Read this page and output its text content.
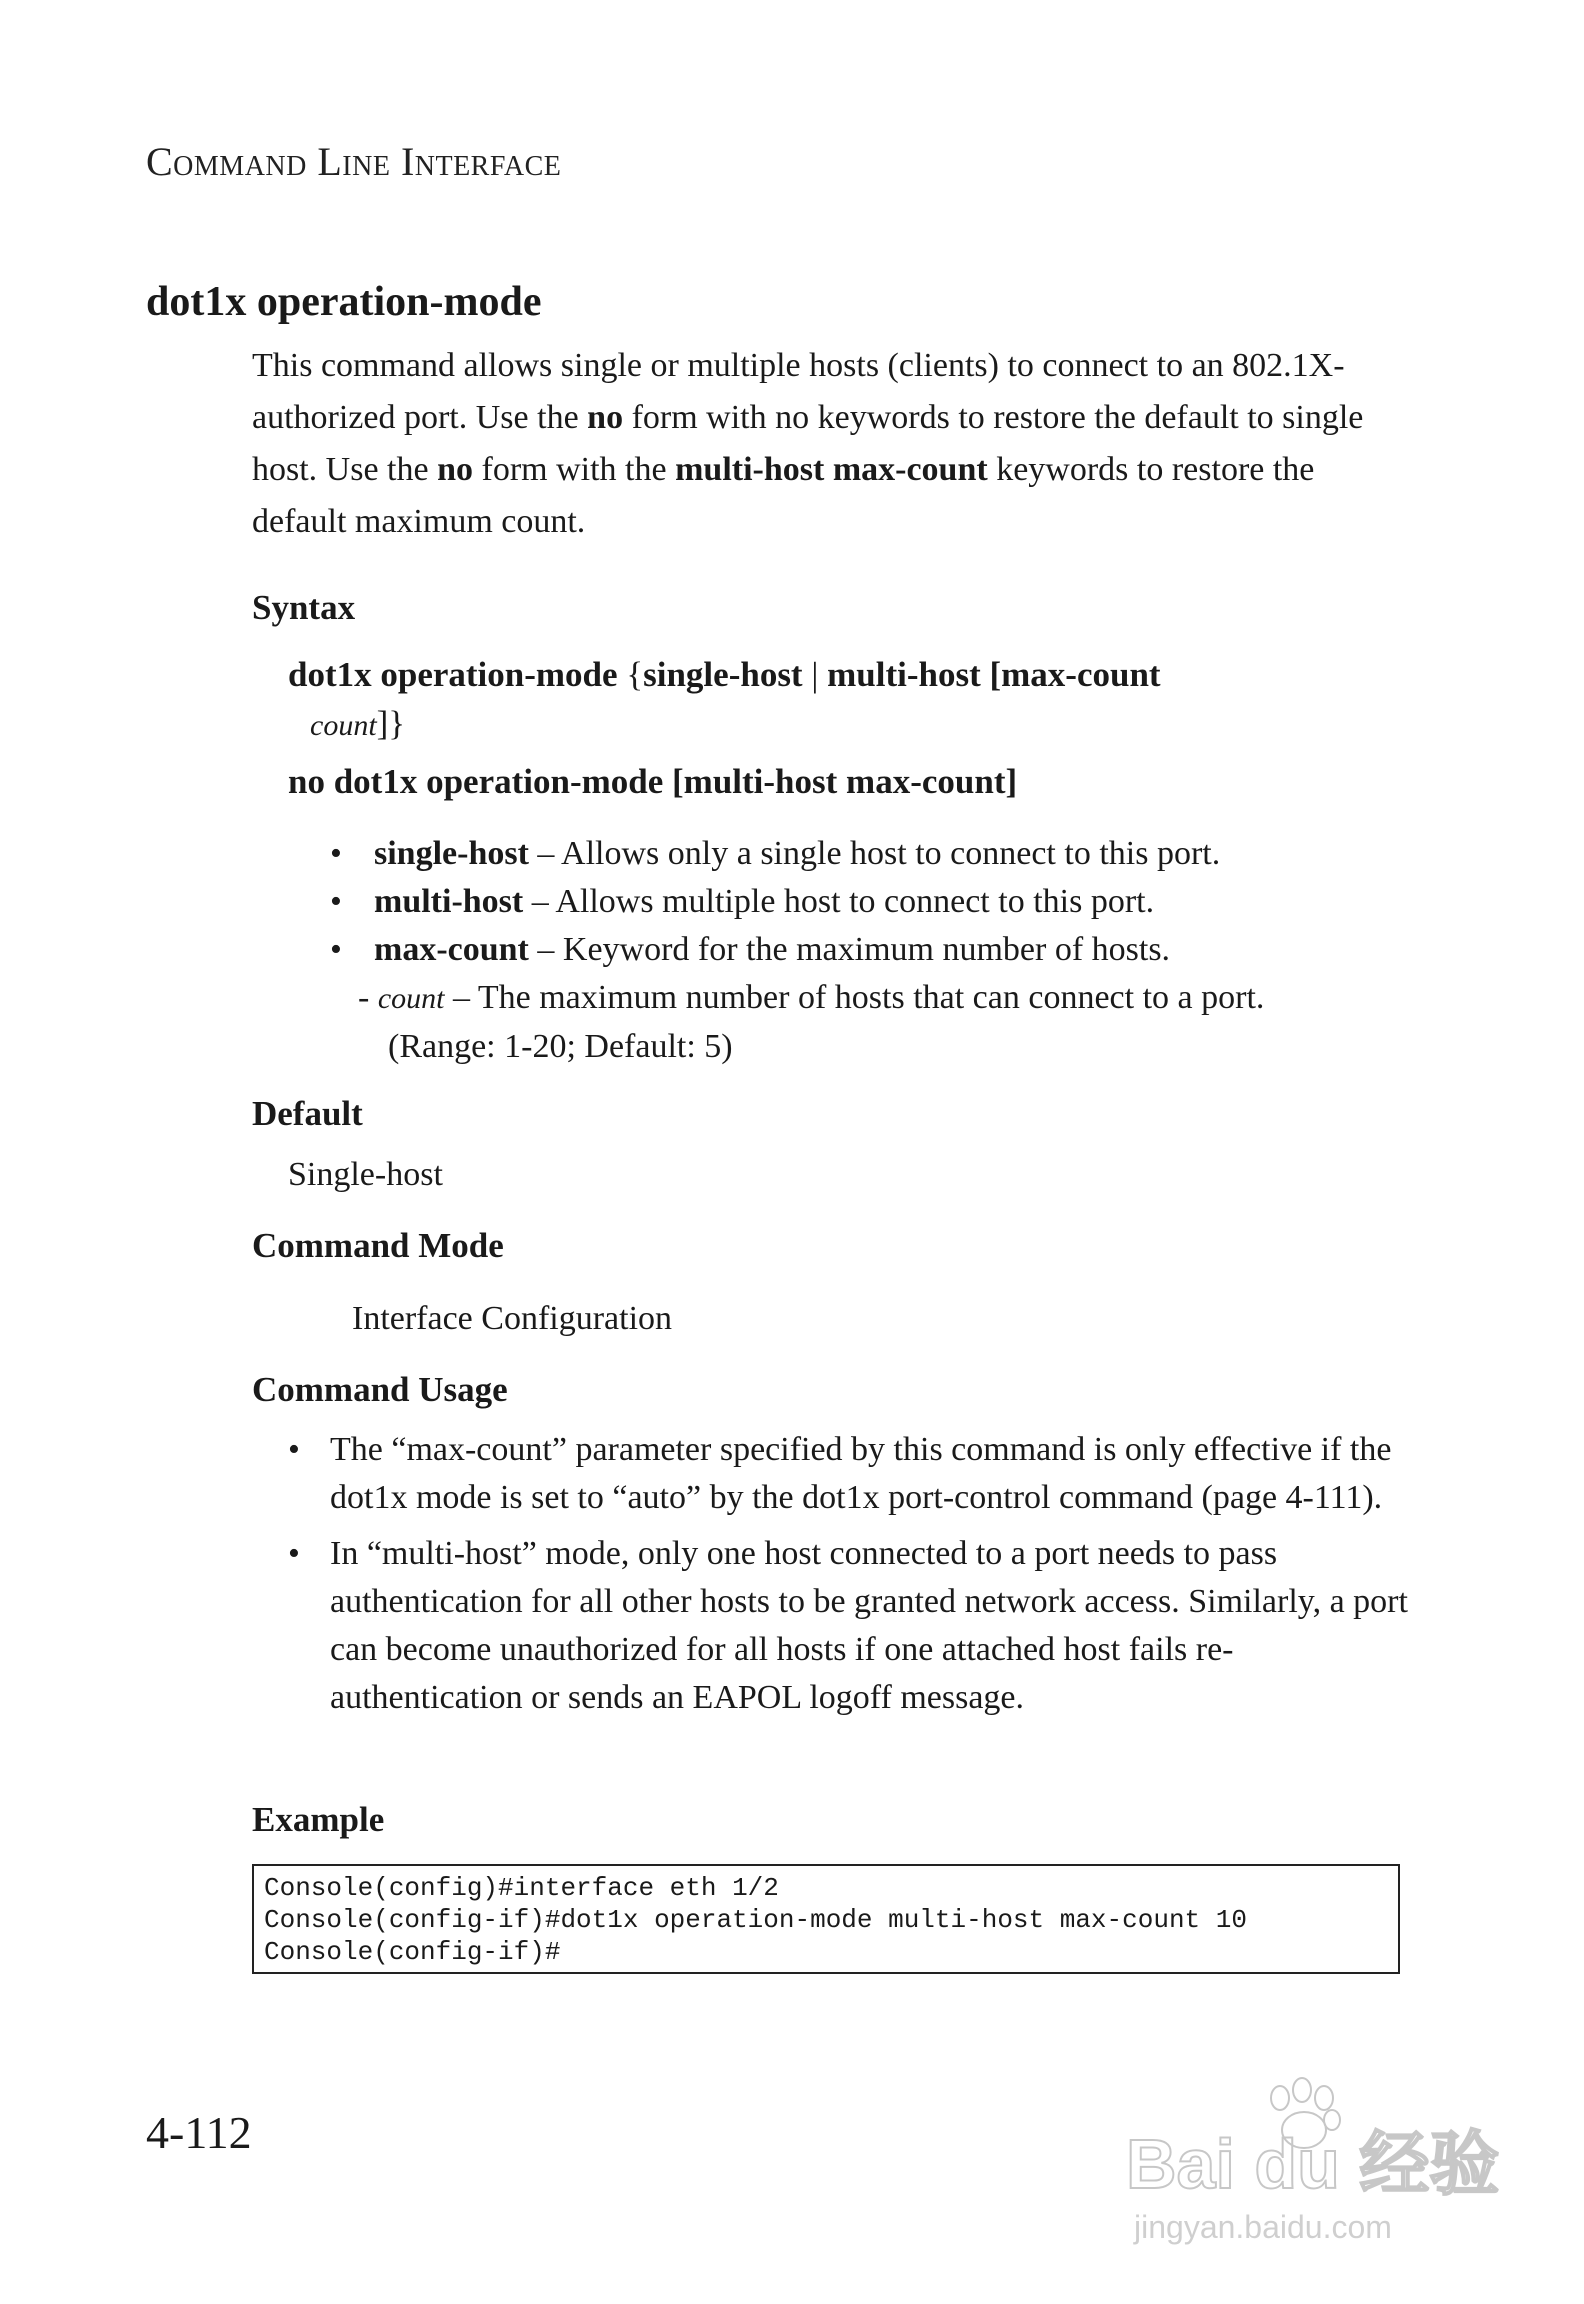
Command Line Interface
dot1x operation-mode
This command allows single or multiple hosts (clients) to connect to an 802.1X-authorized port. Use the no form with no keywords to restore the default to single host. Use the no form with the multi-host max-count keywords to restore the default maximum count.
Syntax
dot1x operation-mode {single-host | multi-host [max-count
count]}
no dot1x operation-mode [multi-host max-count]
• single-host – Allows only a single host to connect to this port.
• multi-host – Allows multiple host to connect to this port.
• max-count – Keyword for the maximum number of hosts.
- count – The maximum number of hosts that can connect to a port.
(Range: 1-20; Default: 5)
Default
Single-host
Command Mode
Interface Configuration
Command Usage
• The “max-count” parameter specified by this command is only effective if the dot1x mode is set to “auto” by the dot1x port-control command (page 4-111).
• In “multi-host” mode, only one host connected to a port needs to pass authentication for all other hosts to be granted network access. Similarly, a port can become unauthorized for all hosts if one attached host fails re-authentication or sends an EAPOL logoff message.
Example
Console(config)#interface eth 1/2
Console(config-if)#dot1x operation-mode multi-host max-count 10
Console(config-if)#
4-112	Bai du 经验
jingyan.baidu.com
